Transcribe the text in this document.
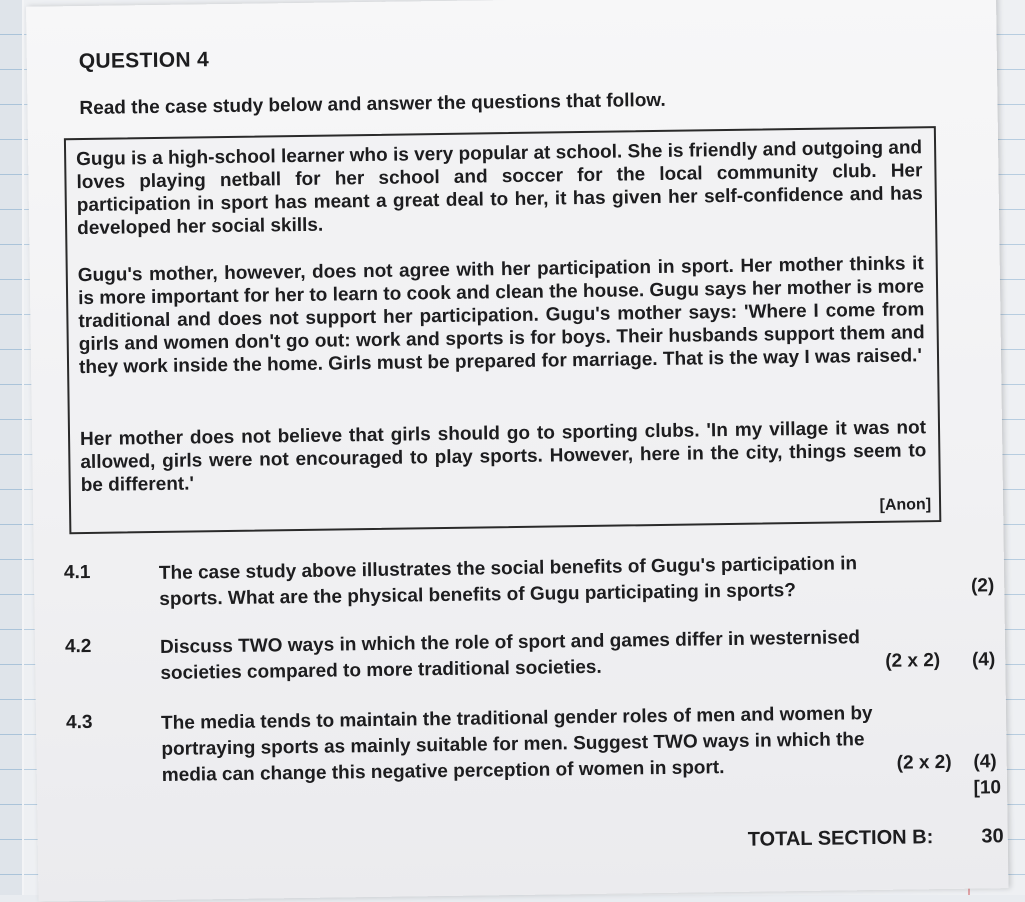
QUESTION 4
Read the case study below and answer the questions that follow.

Gugu is a high-school learner who is very popular at school. She is friendly and outgoing and loves playing netball for her school and soccer for the local community club. Her participation in sport has meant a great deal to her, it has given her self-confidence and has developed her social skills.

Gugu's mother, however, does not agree with her participation in sport. Her mother thinks it is more important for her to learn to cook and clean the house. Gugu says her mother is more traditional and does not support her participation. Gugu's mother says: 'Where I come from girls and women don't go out: work and sports is for boys. Their husbands support them and they work inside the home. Girls must be prepared for marriage. That is the way I was raised.'

Her mother does not believe that girls should go to sporting clubs. 'In my village it was not allowed, girls were not encouraged to play sports. However, here in the city, things seem to be different.'

[Anon]
4.1	The case study above illustrates the social benefits of Gugu's participation in sports. What are the physical benefits of Gugu participating in sports?	(2)
4.2	Discuss TWO ways in which the role of sport and games differ in westernised societies compared to more traditional societies.	(2 x 2) (4)
4.3	The media tends to maintain the traditional gender roles of men and women by portraying sports as mainly suitable for men. Suggest TWO ways in which the media can change this negative perception of women in sport.	(2 x 2) (4)
[10
TOTAL SECTION B: 30
